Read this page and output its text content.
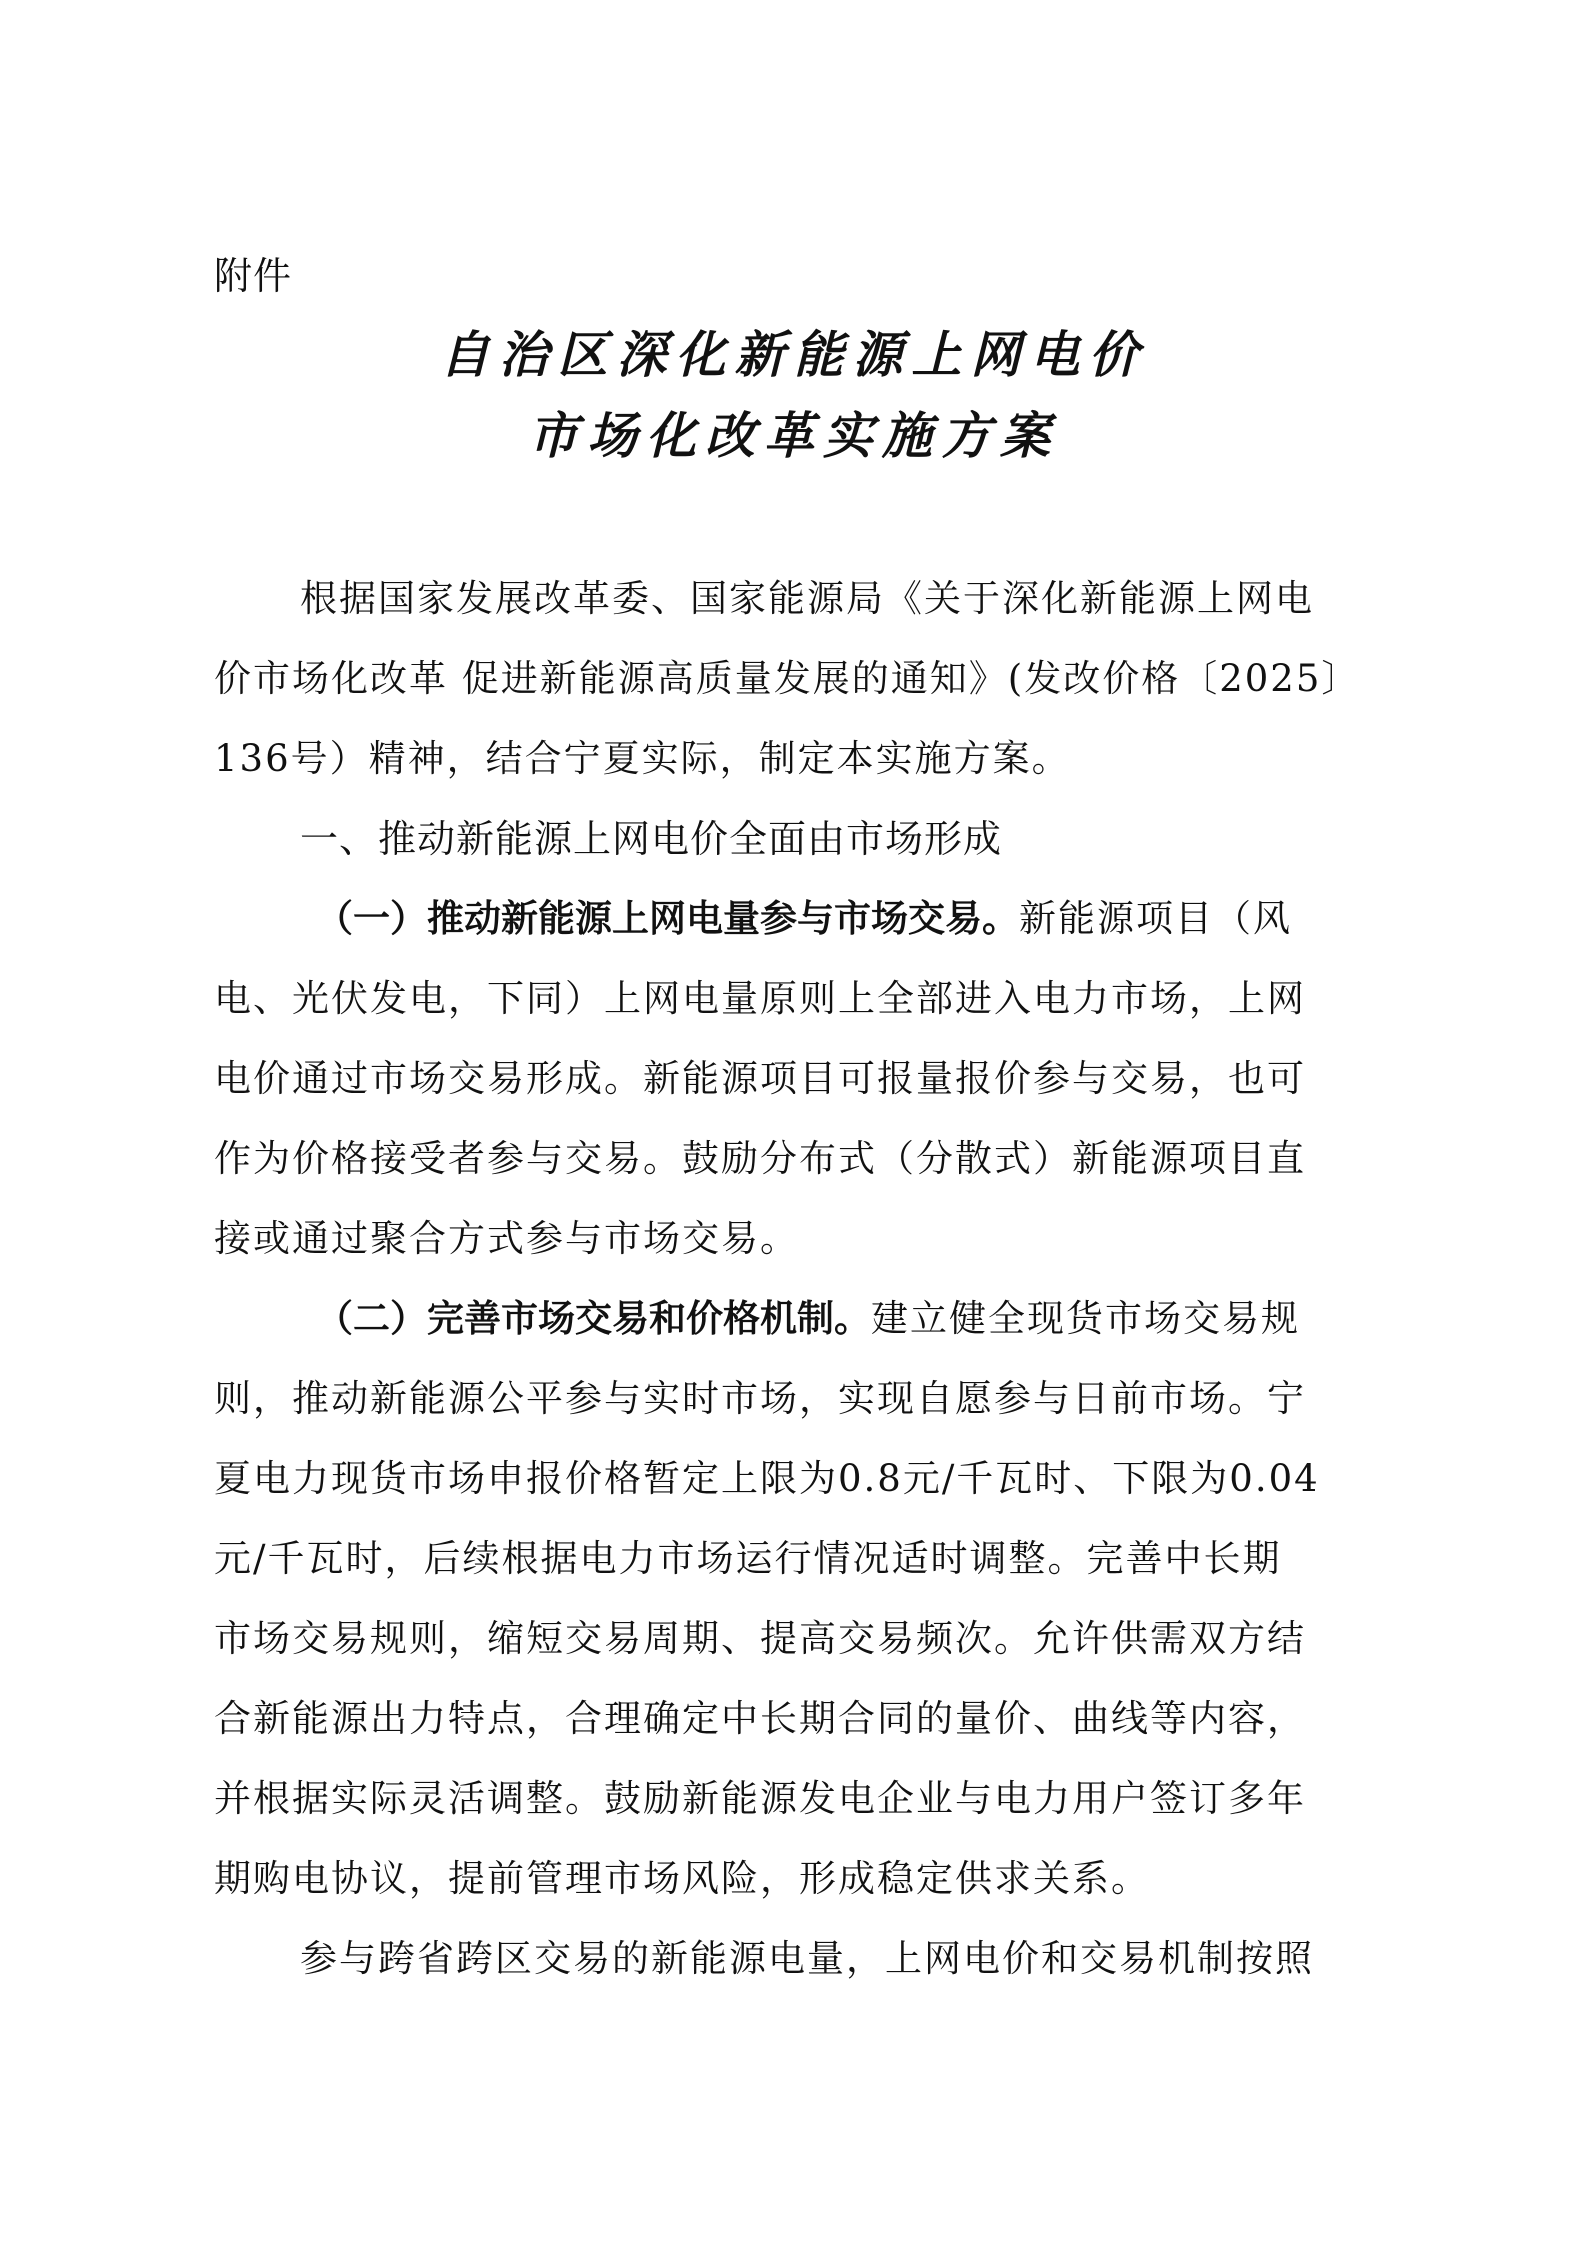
附件
自治区深化新能源上网电价
市场化改革实施方案
根据国家发展改革委、国家能源局《关于深化新能源上网电
价市场化改革 促进新能源高质量发展的通知》(发改价格〔2025〕
136号）精神，结合宁夏实际，制定本实施方案。
一、推动新能源上网电价全面由市场形成
（一）推动新能源上网电量参与市场交易。新能源项目（风
电、光伏发电，下同）上网电量原则上全部进入电力市场，上网
电价通过市场交易形成。新能源项目可报量报价参与交易，也可
作为价格接受者参与交易。鼓励分布式（分散式）新能源项目直
接或通过聚合方式参与市场交易。
（二）完善市场交易和价格机制。建立健全现货市场交易规
则，推动新能源公平参与实时市场，实现自愿参与日前市场。宁
夏电力现货市场申报价格暂定上限为0.8元/千瓦时、下限为0.04
元/千瓦时，后续根据电力市场运行情况适时调整。完善中长期
市场交易规则，缩短交易周期、提高交易频次。允许供需双方结
合新能源出力特点，合理确定中长期合同的量价、曲线等内容，
并根据实际灵活调整。鼓励新能源发电企业与电力用户签订多年
期购电协议，提前管理市场风险，形成稳定供求关系。
参与跨省跨区交易的新能源电量，上网电价和交易机制按照
